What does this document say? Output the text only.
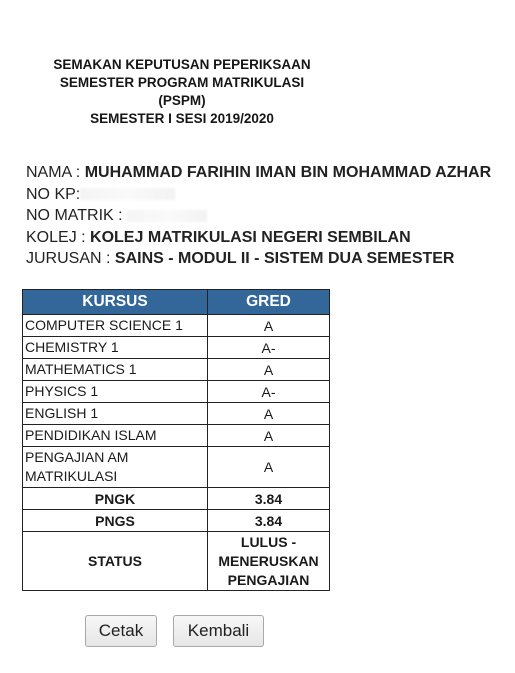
SEMAKAN KEPUTUSAN PEPERIKSAAN
SEMESTER PROGRAM MATRIKULASI
(PSPM)
SEMESTER I SESI 2019/2020
NAMA : MUHAMMAD FARIHIN IMAN BIN MOHAMMAD AZHAR
NO KP:
NO MATRIK :
KOLEJ : KOLEJ MATRIKULASI NEGERI SEMBILAN
JURUSAN : SAINS - MODUL II - SISTEM DUA SEMESTER
KURSUS	GRED
COMPUTER SCIENCE 1	A
CHEMISTRY 1	A-
MATHEMATICS 1	A
PHYSICS 1	A-
ENGLISH 1	A
PENDIDIKAN ISLAM	A
PENGAJIAN AM MATRIKULASI	A
PNGK	3.84
PNGS	3.84
STATUS	LULUS - MENERUSKAN PENGAJIAN
Cetak	Kembali
